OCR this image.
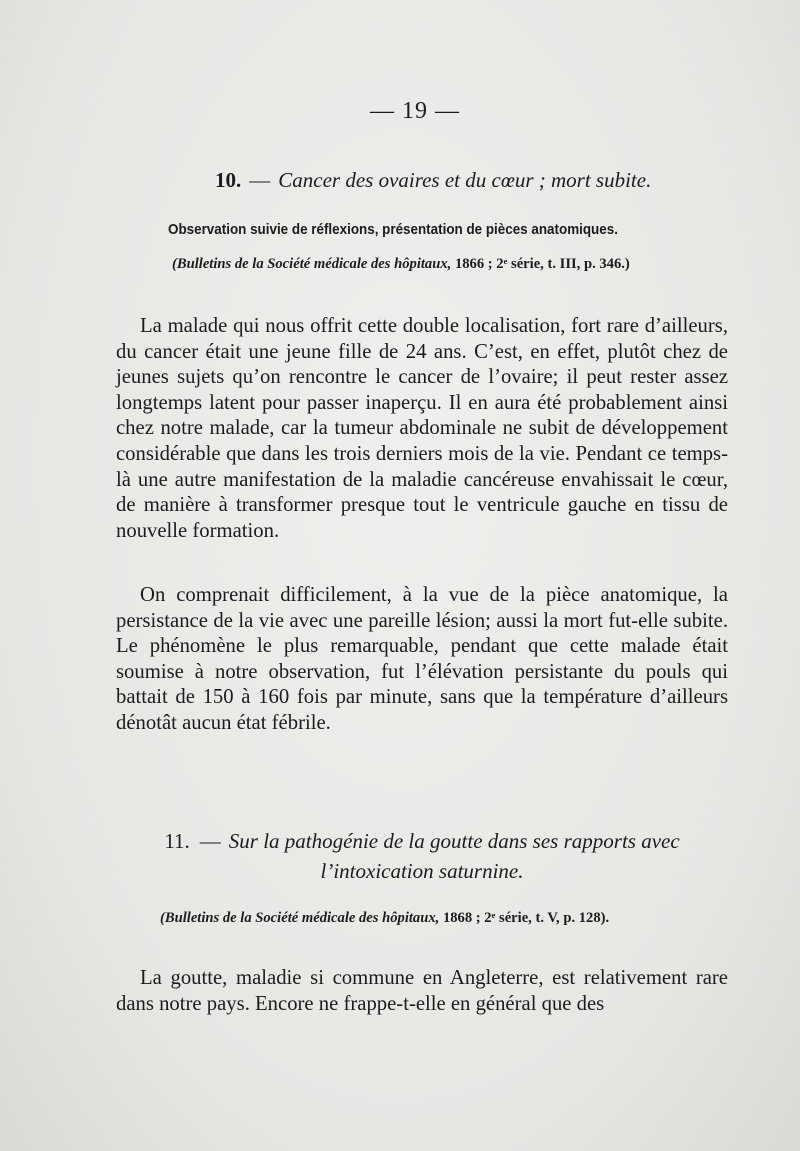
— 19 —
10. — Cancer des ovaires et du cœur ; mort subite.
Observation suivie de réflexions, présentation de pièces anatomiques.
(Bulletins de la Société médicale des hôpitaux, 1866 ; 2ᵉ série, t. III, p. 346.)

La malade qui nous offrit cette double localisation, fort rare d’ailleurs, du cancer était une jeune fille de 24 ans. C’est, en effet, plutôt chez de jeunes sujets qu’on rencontre le cancer de l’ovaire; il peut rester assez longtemps latent pour passer inaperçu. Il en aura été probablement ainsi chez notre malade, car la tumeur abdominale ne subit de développement considérable que dans les trois derniers mois de la vie. Pendant ce temps-là une autre manifestation de la maladie cancéreuse envahissait le cœur, de manière à transformer presque tout le ventricule gauche en tissu de nouvelle formation.

On comprenait difficilement, à la vue de la pièce anatomique, la persistance de la vie avec une pareille lésion; aussi la mort fut-elle subite. Le phénomène le plus remarquable, pendant que cette malade était soumise à notre observation, fut l’élévation persistante du pouls qui battait de 150 à 160 fois par minute, sans que la température d’ailleurs dénotât aucun état fébrile.

11. — Sur la pathogénie de la goutte dans ses rapports avec
l’intoxication saturnine.
(Bulletins de la Société médicale des hôpitaux, 1868 ; 2ᵉ série, t. V, p. 128).

La goutte, maladie si commune en Angleterre, est relativement rare dans notre pays. Encore ne frappe-t-elle en général que des
